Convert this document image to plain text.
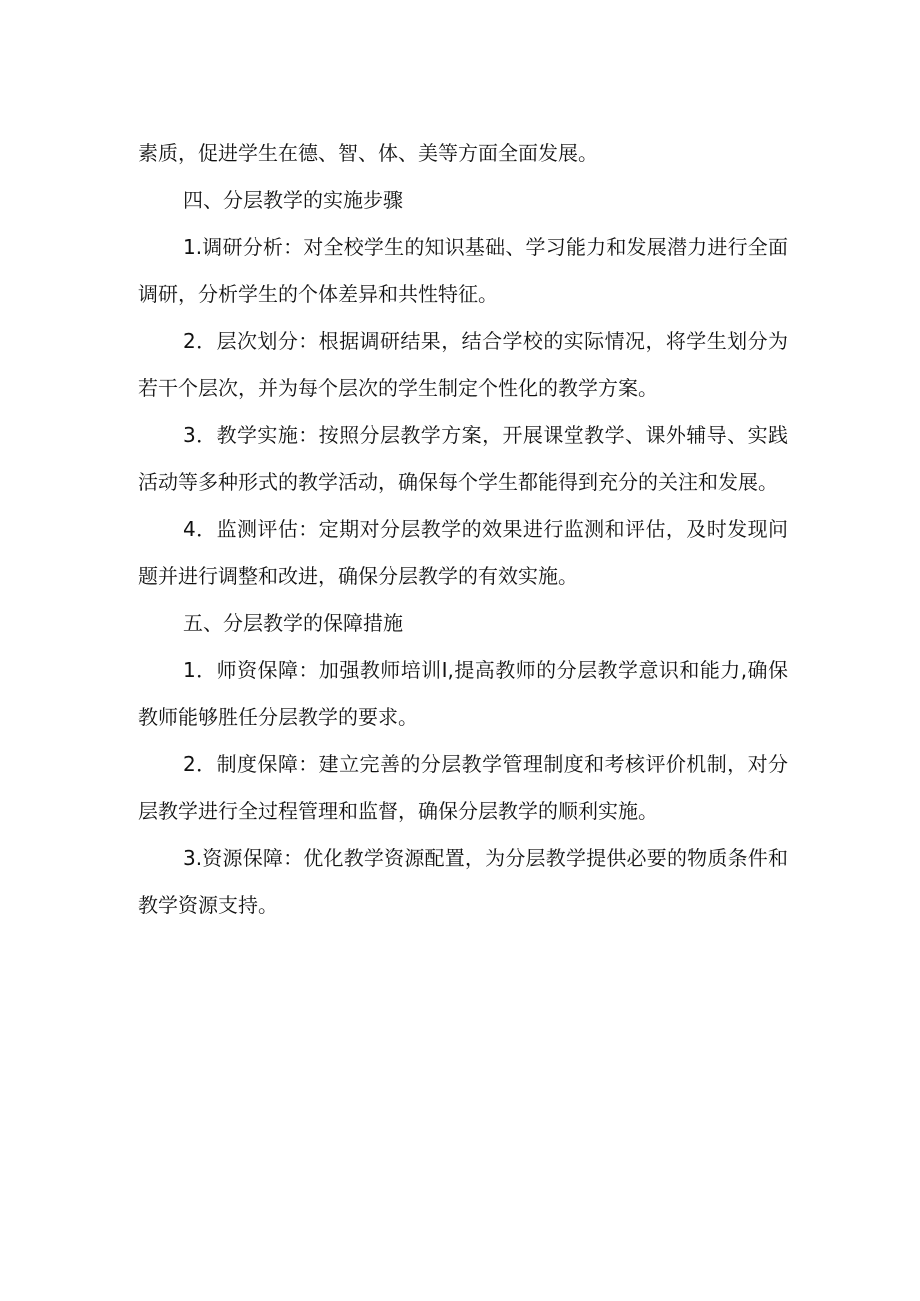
素质，促进学生在德、智、体、美等方面全面发展。

四、分层教学的实施步骤

1.调研分析：对全校学生的知识基础、学习能力和发展潜力进行全面调研，分析学生的个体差异和共性特征。

2．层次划分：根据调研结果，结合学校的实际情况，将学生划分为若干个层次，并为每个层次的学生制定个性化的教学方案。

3．教学实施：按照分层教学方案，开展课堂教学、课外辅导、实践活动等多种形式的教学活动，确保每个学生都能得到充分的关注和发展。

4．监测评估：定期对分层教学的效果进行监测和评估，及时发现问题并进行调整和改进，确保分层教学的有效实施。

五、分层教学的保障措施

1．师资保障：加强教师培训I,提高教师的分层教学意识和能力,确保教师能够胜任分层教学的要求。

2．制度保障：建立完善的分层教学管理制度和考核评价机制，对分层教学进行全过程管理和监督，确保分层教学的顺利实施。

3.资源保障：优化教学资源配置，为分层教学提供必要的物质条件和教学资源支持。
